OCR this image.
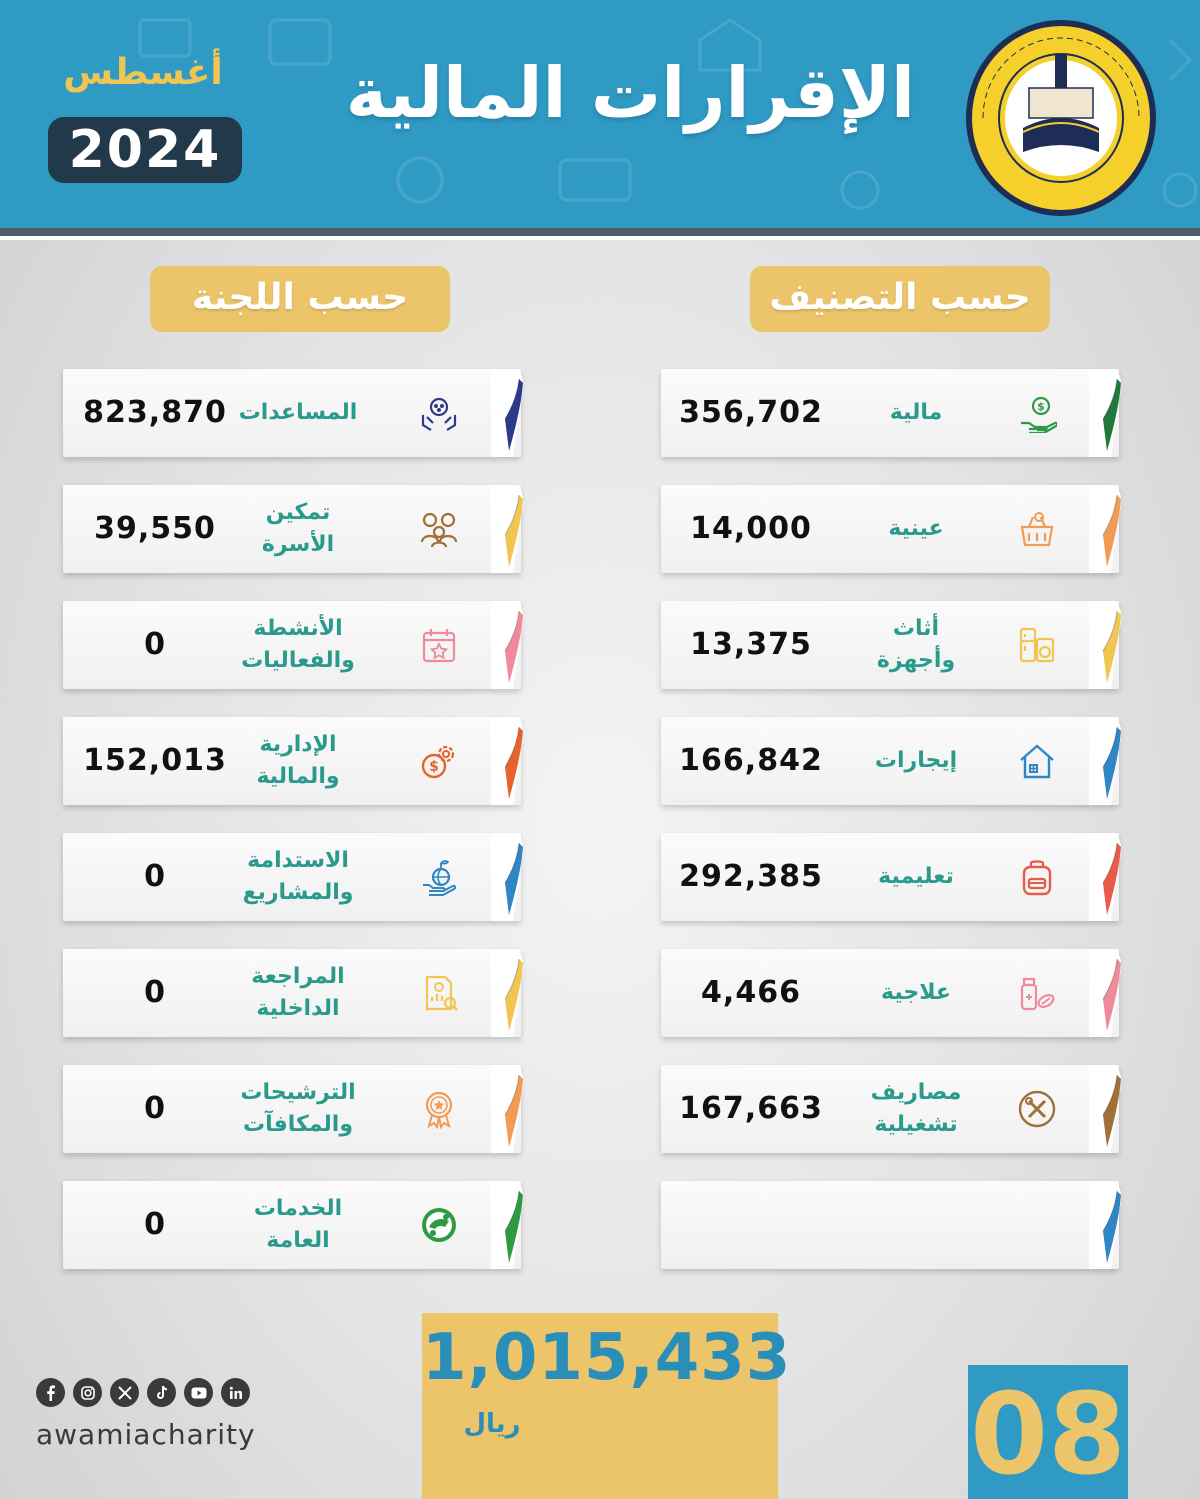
الإقرارات المالية
أغسطس
2024
حسب التصنيف
حسب اللجنة
$
مالية
356,702
عينية
14,000
أثاث
وأجهزة
13,375
إيجارات
166,842
تعليمية
292,385
علاجية
4,466
مصاريف
تشغيلية
167,663
المساعدات
823,870
تمكين
الأسرة
39,550
الأنشطة
والفعاليات
0
$
الإدارية
والمالية
152,013
الاستدامة
والمشاريع
0
المراجعة
الداخلية
0
الترشيحات
والمكافآت
0
الخدمات
العامة
0
1,015,433
ريال	08
awamiacharity
